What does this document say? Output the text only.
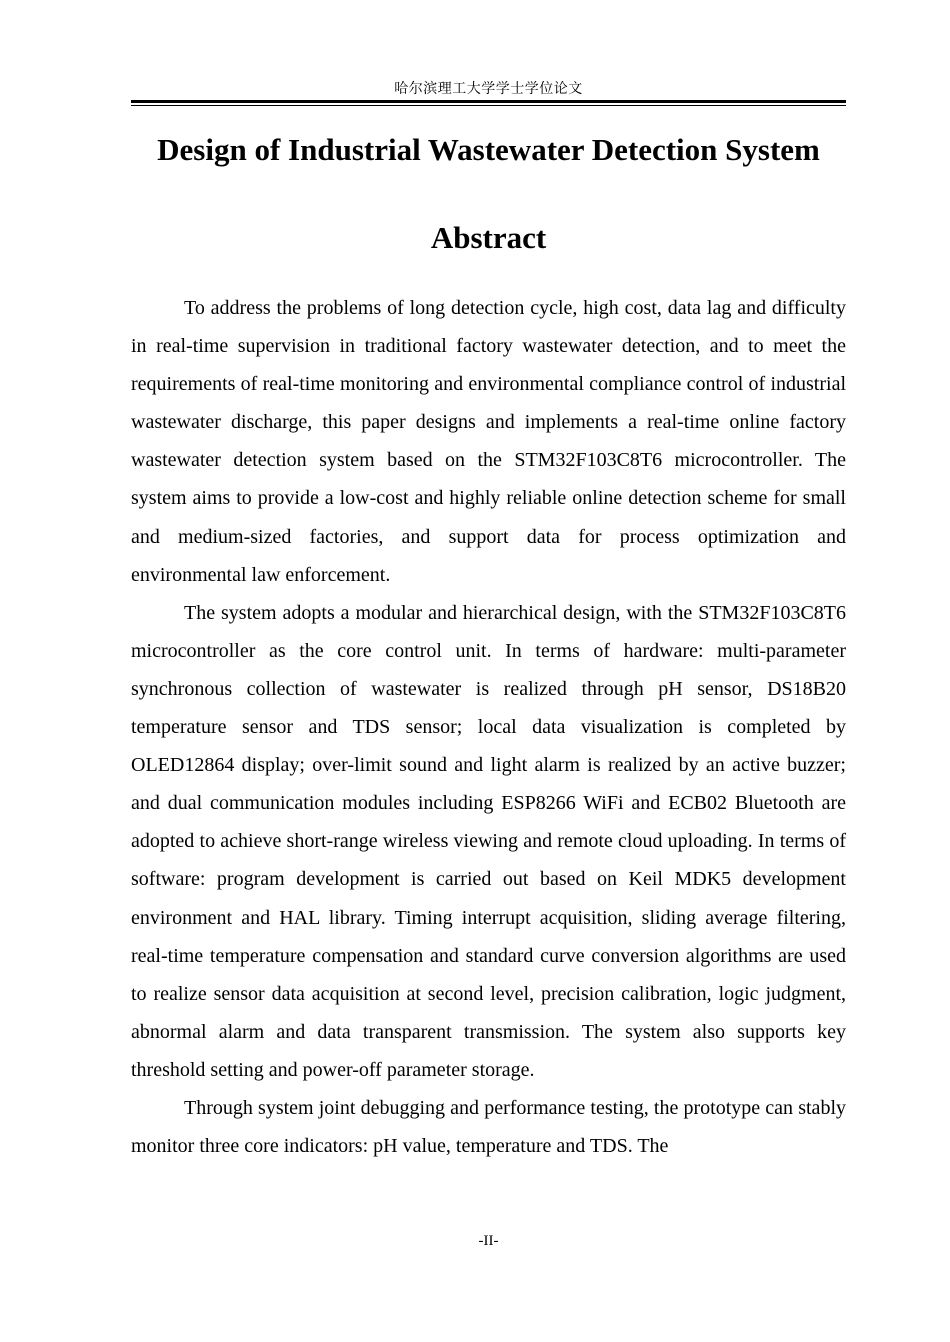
哈尔滨理工大学学士学位论文
Design of Industrial Wastewater Detection System
Abstract

To address the problems of long detection cycle, high cost, data lag and difficulty in real-time supervision in traditional factory wastewater detection, and to meet the requirements of real-time monitoring and environmental compliance control of industrial wastewater discharge, this paper designs and implements a real-time online factory wastewater detection system based on the STM32F103C8T6 microcontroller. The system aims to provide a low-cost and highly reliable online detection scheme for small and medium-sized factories, and support data for process optimization and environmental law enforcement.

The system adopts a modular and hierarchical design, with the STM32F103C8T6 microcontroller as the core control unit. In terms of hardware: multi-parameter synchronous collection of wastewater is realized through pH sensor, DS18B20 temperature sensor and TDS sensor; local data visualization is completed by OLED12864 display; over-limit sound and light alarm is realized by an active buzzer; and dual communication modules including ESP8266 WiFi and ECB02 Bluetooth are adopted to achieve short-range wireless viewing and remote cloud uploading. In terms of software: program development is carried out based on Keil MDK5 development environment and HAL library. Timing interrupt acquisition, sliding average filtering, real-time temperature compensation and standard curve conversion algorithms are used to realize sensor data acquisition at second level, precision calibration, logic judgment, abnormal alarm and data transparent transmission. The system also supports key threshold setting and power-off parameter storage.

Through system joint debugging and performance testing, the prototype can stably monitor three core indicators: pH value, temperature and TDS. The

-II-
